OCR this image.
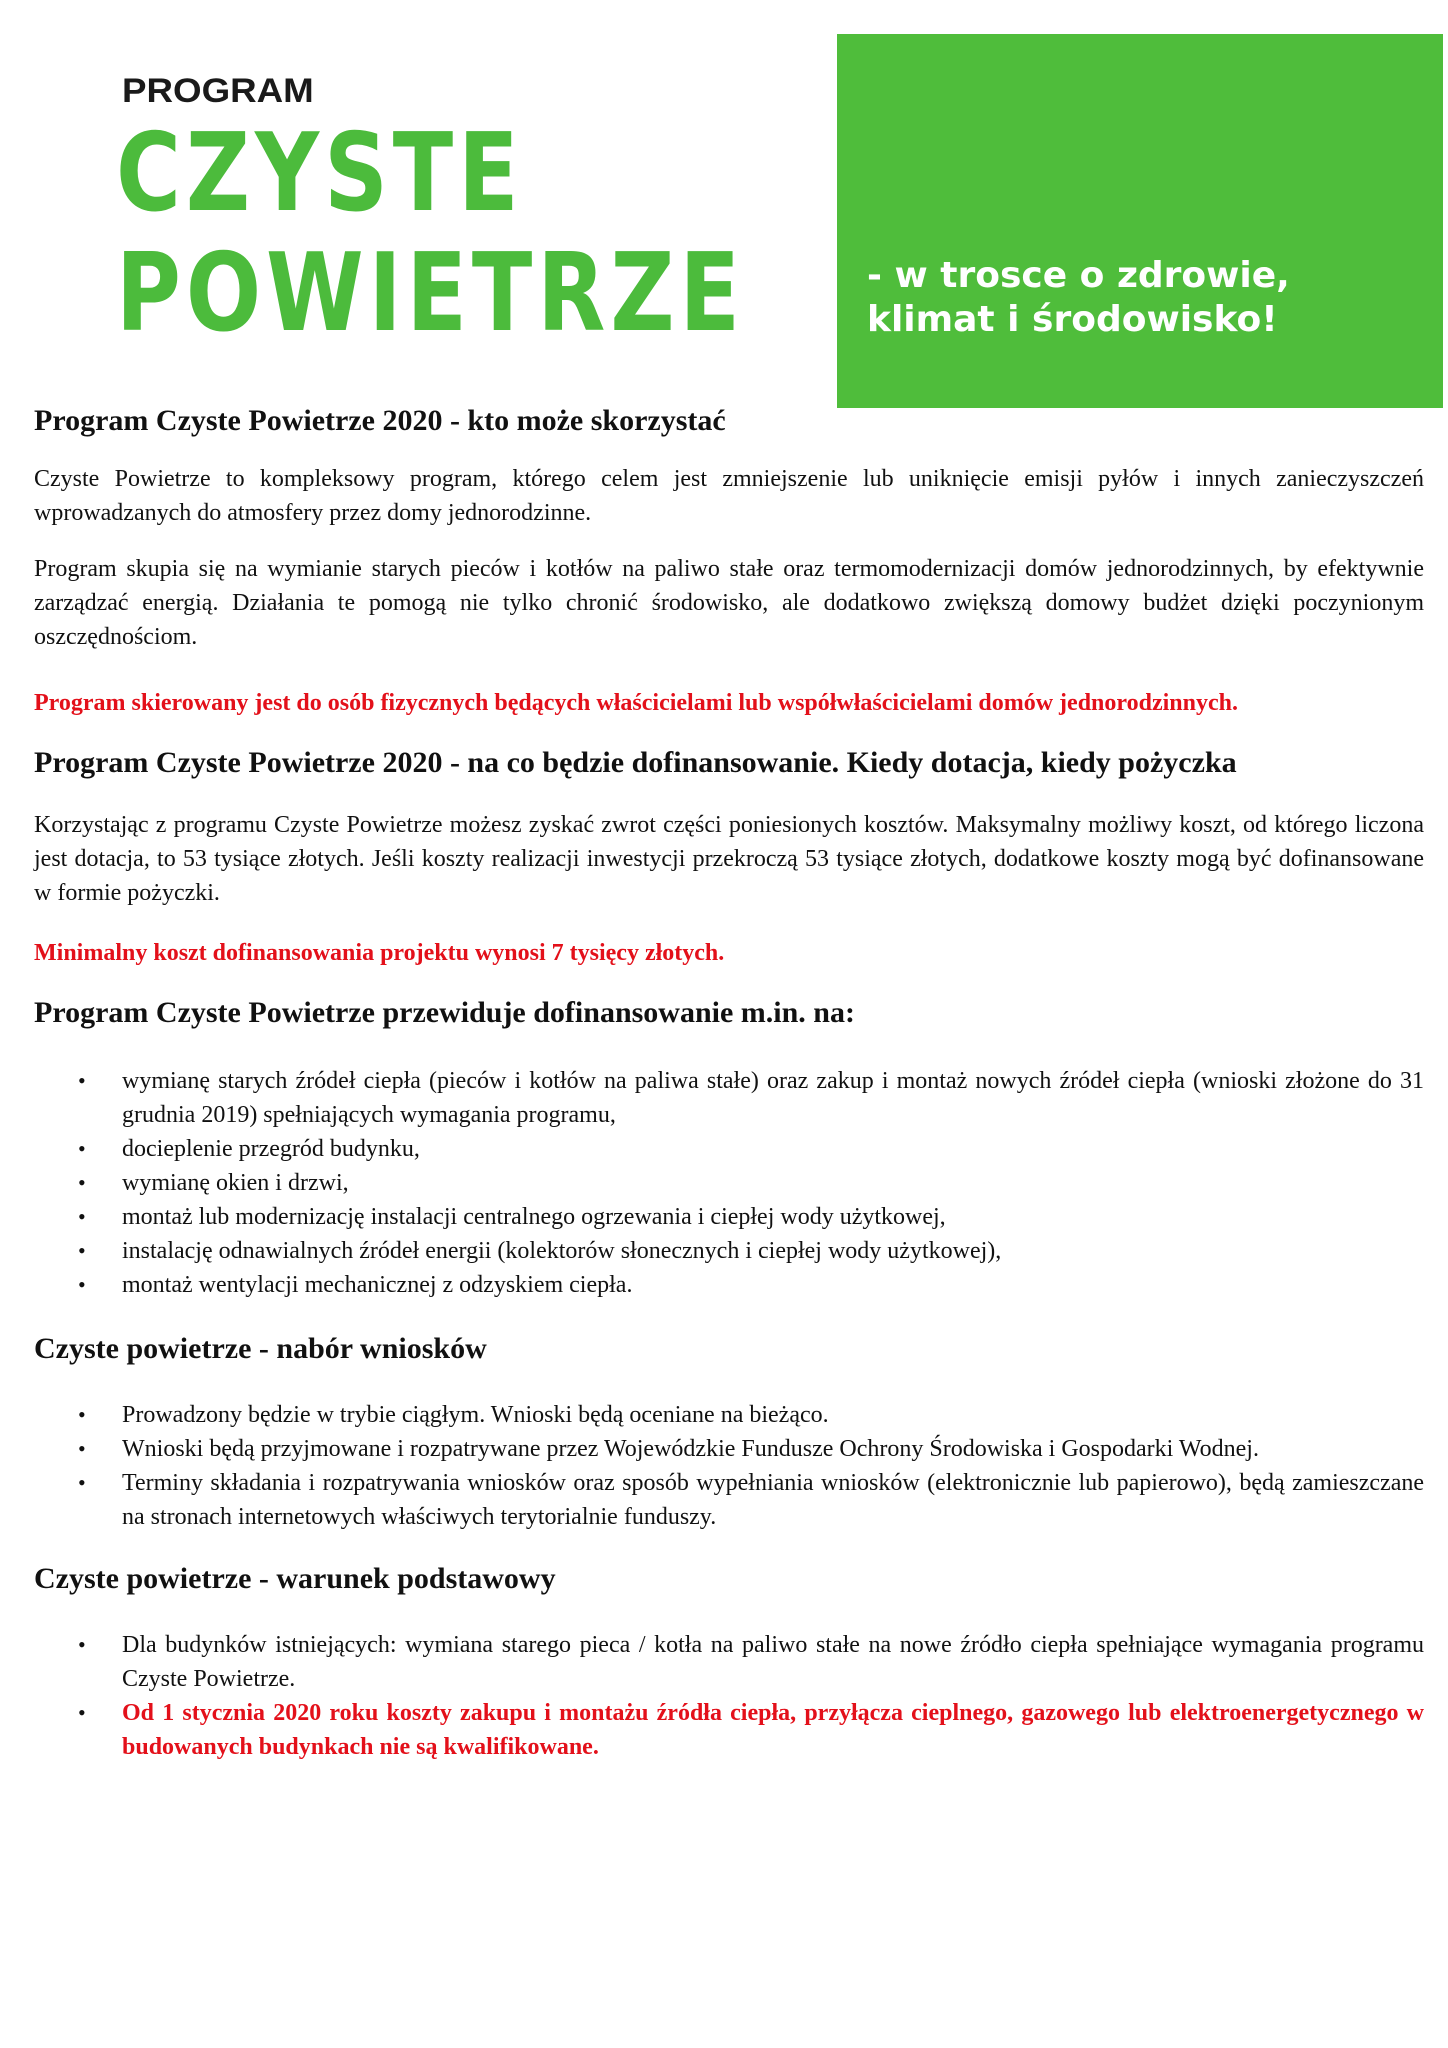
PROGRAM
CZYSTE
POWIETRZE	- w trosce o zdrowie,
klimat i środowisko!
Program Czyste Powietrze 2020 - kto może skorzystać

Czyste Powietrze to kompleksowy program, którego celem jest zmniejszenie lub uniknięcie emisji pyłów i innych zanieczyszczeń wprowadzanych do atmosfery przez domy jednorodzinne.

Program skupia się na wymianie starych pieców i kotłów na paliwo stałe oraz termomodernizacji domów jednorodzinnych, by efektywnie zarządzać energią. Działania te pomogą nie tylko chronić środowisko, ale dodatkowo zwiększą domowy budżet dzięki poczynionym oszczędnościom.

Program skierowany jest do osób fizycznych będących właścicielami lub współwłaścicielami domów jednorodzinnych.

Program Czyste Powietrze 2020 - na co będzie dofinansowanie. Kiedy dotacja, kiedy pożyczka

Korzystając z programu Czyste Powietrze możesz zyskać zwrot części poniesionych kosztów. Maksymalny możliwy koszt, od którego liczona jest dotacja, to 53 tysiące złotych. Jeśli koszty realizacji inwestycji przekroczą 53 tysiące złotych, dodatkowe koszty mogą być dofinansowane w formie pożyczki.

Minimalny koszt dofinansowania projektu wynosi 7 tysięcy złotych.

Program Czyste Powietrze przewiduje dofinansowanie m.in. na:
• wymianę starych źródeł ciepła (pieców i kotłów na paliwa stałe) oraz zakup i montaż nowych źródeł ciepła (wnioski złożone do 31 grudnia 2019) spełniających wymagania programu,
• docieplenie przegród budynku,
• wymianę okien i drzwi,
• montaż lub modernizację instalacji centralnego ogrzewania i ciepłej wody użytkowej,
• instalację odnawialnych źródeł energii (kolektorów słonecznych i ciepłej wody użytkowej),
• montaż wentylacji mechanicznej z odzyskiem ciepła.
Czyste powietrze - nabór wniosków
• Prowadzony będzie w trybie ciągłym. Wnioski będą oceniane na bieżąco.
• Wnioski będą przyjmowane i rozpatrywane przez Wojewódzkie Fundusze Ochrony Środowiska i Gospodarki Wodnej.
• Terminy składania i rozpatrywania wniosków oraz sposób wypełniania wniosków (elektronicznie lub papierowo), będą zamieszczane na stronach internetowych właściwych terytorialnie funduszy.
Czyste powietrze - warunek podstawowy
• Dla budynków istniejących: wymiana starego pieca / kotła na paliwo stałe na nowe źródło ciepła spełniające wymagania programu Czyste Powietrze.
• Od 1 stycznia 2020 roku koszty zakupu i montażu źródła ciepła, przyłącza cieplnego, gazowego lub elektroenergetycznego w budowanych budynkach nie są kwalifikowane.
